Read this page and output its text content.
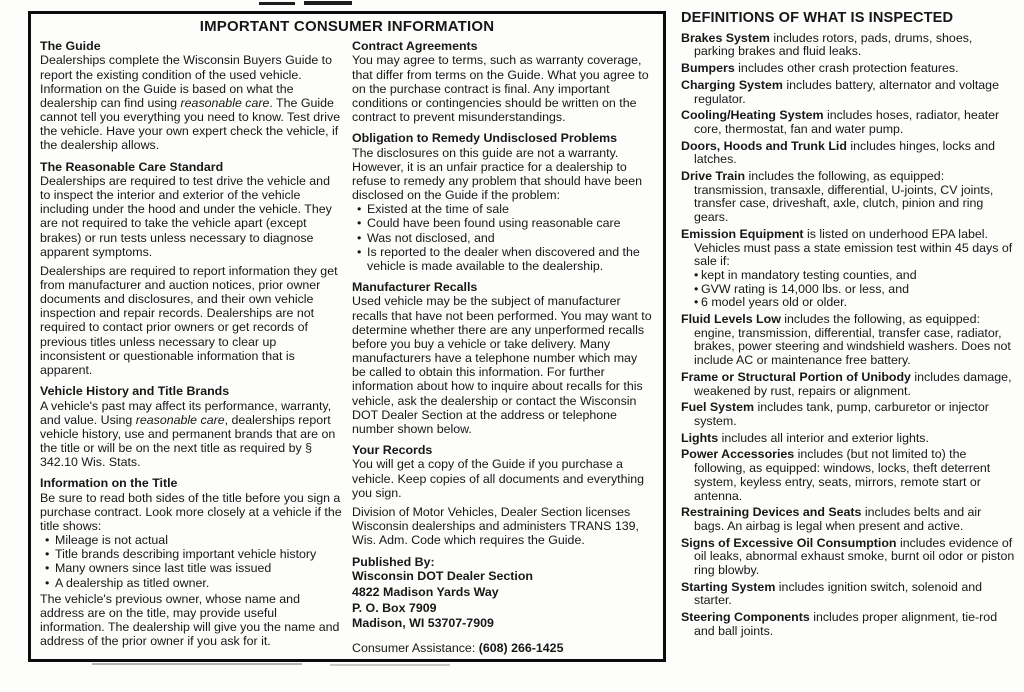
IMPORTANT CONSUMER INFORMATION
The Guide

Dealerships complete the Wisconsin Buyers Guide to report the existing condition of the used vehicle. Information on the Guide is based on what the dealership can find using reasonable care. The Guide cannot tell you everything you need to know. Test drive the vehicle. Have your own expert check the vehicle, if the dealership allows.

The Reasonable Care Standard

Dealerships are required to test drive the vehicle and to inspect the interior and exterior of the vehicle including under the hood and under the vehicle. They are not required to take the vehicle apart (except brakes) or run tests unless necessary to diagnose apparent symptoms.

Dealerships are required to report information they get from manufacturer and auction notices, prior owner documents and disclosures, and their own vehicle inspection and repair records. Dealerships are not required to contact prior owners or get records of previous titles unless necessary to clear up inconsistent or questionable information that is apparent.

Vehicle History and Title Brands

A vehicle's past may affect its performance, warranty, and value. Using reasonable care, dealerships report vehicle history, use and permanent brands that are on the title or will be on the next title as required by § 342.10 Wis. Stats.

Information on the Title

Be sure to read both sides of the title before you sign a purchase contract. Look more closely at a vehicle if the title shows:

• Mileage is not actual
• Title brands describing important vehicle history
• Many owners since last title was issued
• A dealership as titled owner.

The vehicle's previous owner, whose name and address are on the title, may provide useful information. The dealership will give you the name and address of the prior owner if you ask for it.

Contract Agreements

You may agree to terms, such as warranty coverage, that differ from terms on the Guide. What you agree to on the purchase contract is final. Any important conditions or contingencies should be written on the contract to prevent misunderstandings.

Obligation to Remedy Undisclosed Problems

The disclosures on this guide are not a warranty. However, it is an unfair practice for a dealership to refuse to remedy any problem that should have been disclosed on the Guide if the problem:

• Existed at the time of sale
• Could have been found using reasonable care
• Was not disclosed, and
• Is reported to the dealer when discovered and the vehicle is made available to the dealership.
Manufacturer Recalls

Used vehicle may be the subject of manufacturer recalls that have not been performed. You may want to determine whether there are any unperformed recalls before you buy a vehicle or take delivery. Many manufacturers have a telephone number which may be called to obtain this information. For further information about how to inquire about recalls for this vehicle, ask the dealership or contact the Wisconsin DOT Dealer Section at the address or telephone number shown below.

Your Records

You will get a copy of the Guide if you purchase a vehicle. Keep copies of all documents and everything you sign.

Division of Motor Vehicles, Dealer Section licenses Wisconsin dealerships and administers TRANS 139, Wis. Adm. Code which requires the Guide.

Published By:

Wisconsin DOT Dealer Section

4822 Madison Yards Way

P. O. Box 7909

Madison, WI 53707-7909

Consumer Assistance: (608) 266-1425

DEFINITIONS OF WHAT IS INSPECTED

Brakes System includes rotors, pads, drums, shoes, parking brakes and fluid leaks.

Bumpers includes other crash protection features.

Charging System includes battery, alternator and voltage regulator.

Cooling/Heating System includes hoses, radiator, heater core, thermostat, fan and water pump.

Doors, Hoods and Trunk Lid includes hinges, locks and latches.

Drive Train includes the following, as equipped: transmission, transaxle, differential, U-joints, CV joints, transfer case, driveshaft, axle, clutch, pinion and ring gears.

Emission Equipment is listed on underhood EPA label. Vehicles must pass a state emission test within 45 days of sale if:

• kept in mandatory testing counties, and
• GVW rating is 14,000 lbs. or less, and
• 6 model years old or older.

Fluid Levels Low includes the following, as equipped: engine, transmission, differential, transfer case, radiator, brakes, power steering and windshield washers. Does not include AC or maintenance free battery.

Frame or Structural Portion of Unibody includes damage, weakened by rust, repairs or alignment.

Fuel System includes tank, pump, carburetor or injector system.

Lights includes all interior and exterior lights.

Power Accessories includes (but not limited to) the following, as equipped: windows, locks, theft deterrent system, keyless entry, seats, mirrors, remote start or antenna.

Restraining Devices and Seats includes belts and air bags. An airbag is legal when present and active.

Signs of Excessive Oil Consumption includes evidence of oil leaks, abnormal exhaust smoke, burnt oil odor or piston ring blowby.

Starting System includes ignition switch, solenoid and starter.

Steering Components includes proper alignment, tie-rod and ball joints.
